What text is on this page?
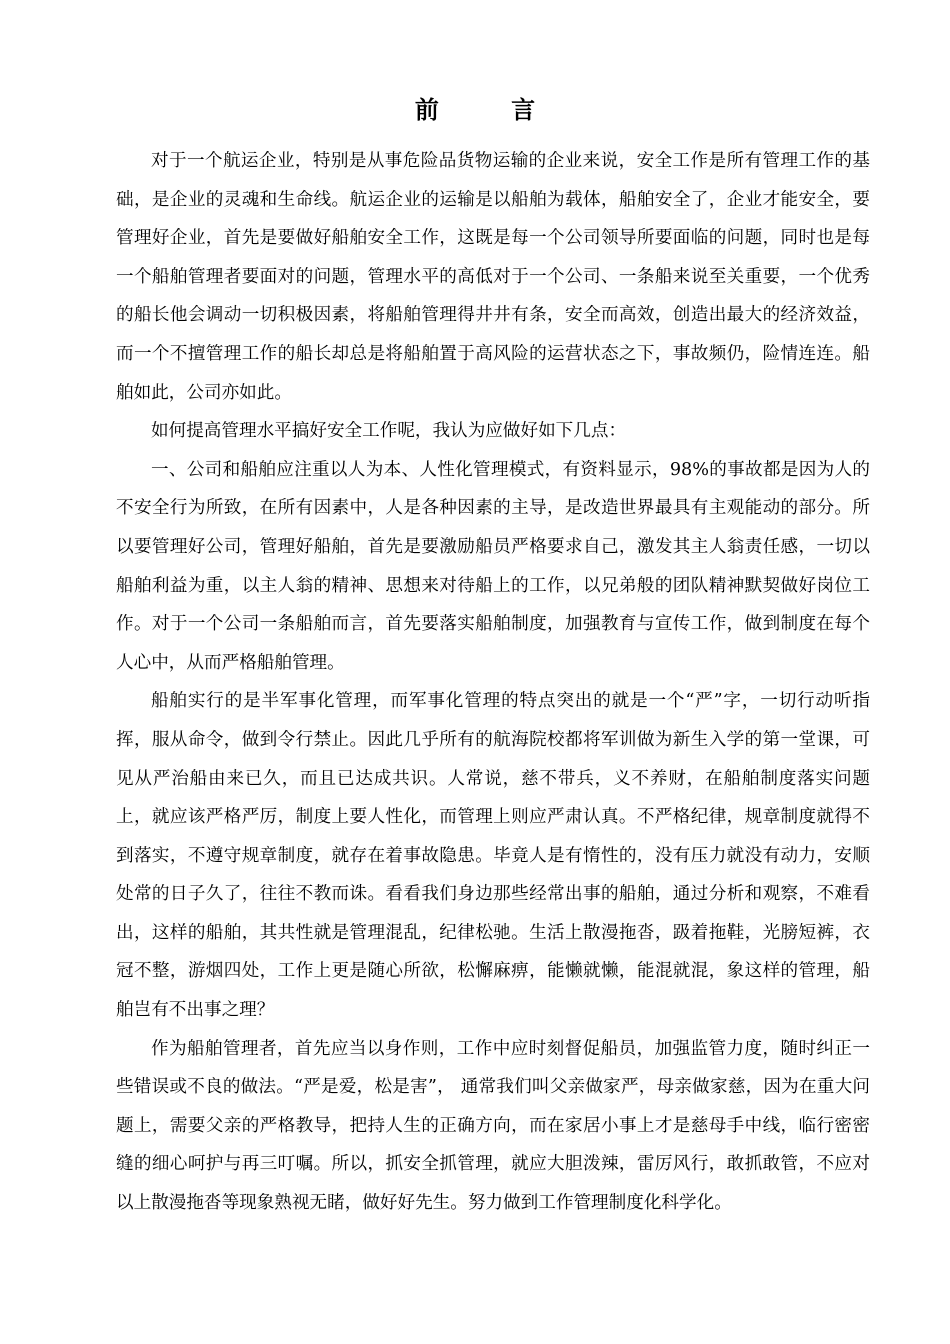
前 言

对于一个航运企业，特别是从事危险品货物运输的企业来说，安全工作是所有管理工作的基础，是企业的灵魂和生命线。航运企业的运输是以船舶为载体，船舶安全了，企业才能安全，要管理好企业，首先是要做好船舶安全工作，这既是每一个公司领导所要面临的问题，同时也是每一个船舶管理者要面对的问题，管理水平的高低对于一个公司、一条船来说至关重要，一个优秀的船长他会调动一切积极因素，将船舶管理得井井有条，安全而高效，创造出最大的经济效益，而一个不擅管理工作的船长却总是将船舶置于高风险的运营状态之下，事故频仍，险情连连。船舶如此，公司亦如此。

如何提高管理水平搞好安全工作呢，我认为应做好如下几点：

一、公司和船舶应注重以人为本、人性化管理模式，有资料显示，98%的事故都是因为人的不安全行为所致，在所有因素中，人是各种因素的主导，是改造世界最具有主观能动的部分。所以要管理好公司，管理好船舶，首先是要激励船员严格要求自己，激发其主人翁责任感，一切以船舶利益为重，以主人翁的精神、思想来对待船上的工作，以兄弟般的团队精神默契做好岗位工作。对于一个公司一条船舶而言，首先要落实船舶制度，加强教育与宣传工作，做到制度在每个人心中，从而严格船舶管理。

船舶实行的是半军事化管理，而军事化管理的特点突出的就是一个“严”字，一切行动听指挥，服从命令，做到令行禁止。因此几乎所有的航海院校都将军训做为新生入学的第一堂课，可见从严治船由来已久，而且已达成共识。人常说，慈不带兵，义不养财，在船舶制度落实问题上，就应该严格严厉，制度上要人性化，而管理上则应严肃认真。不严格纪律，规章制度就得不到落实，不遵守规章制度，就存在着事故隐患。毕竟人是有惰性的，没有压力就没有动力，安顺处常的日子久了，往往不教而诛。看看我们身边那些经常出事的船舶，通过分析和观察，不难看出，这样的船舶，其共性就是管理混乱，纪律松驰。生活上散漫拖沓，趿着拖鞋，光膀短裤，衣冠不整，游烟四处，工作上更是随心所欲，松懈麻痹，能懒就懒，能混就混，象这样的管理，船舶岂有不出事之理？

作为船舶管理者，首先应当以身作则，工作中应时刻督促船员，加强监管力度，随时纠正一些错误或不良的做法。“严是爱，松是害”， 通常我们叫父亲做家严，母亲做家慈，因为在重大问题上，需要父亲的严格教导，把持人生的正确方向，而在家居小事上才是慈母手中线，临行密密缝的细心呵护与再三叮嘱。所以，抓安全抓管理，就应大胆泼辣，雷厉风行，敢抓敢管，不应对以上散漫拖沓等现象熟视无睹，做好好先生。努力做到工作管理制度化科学化。
